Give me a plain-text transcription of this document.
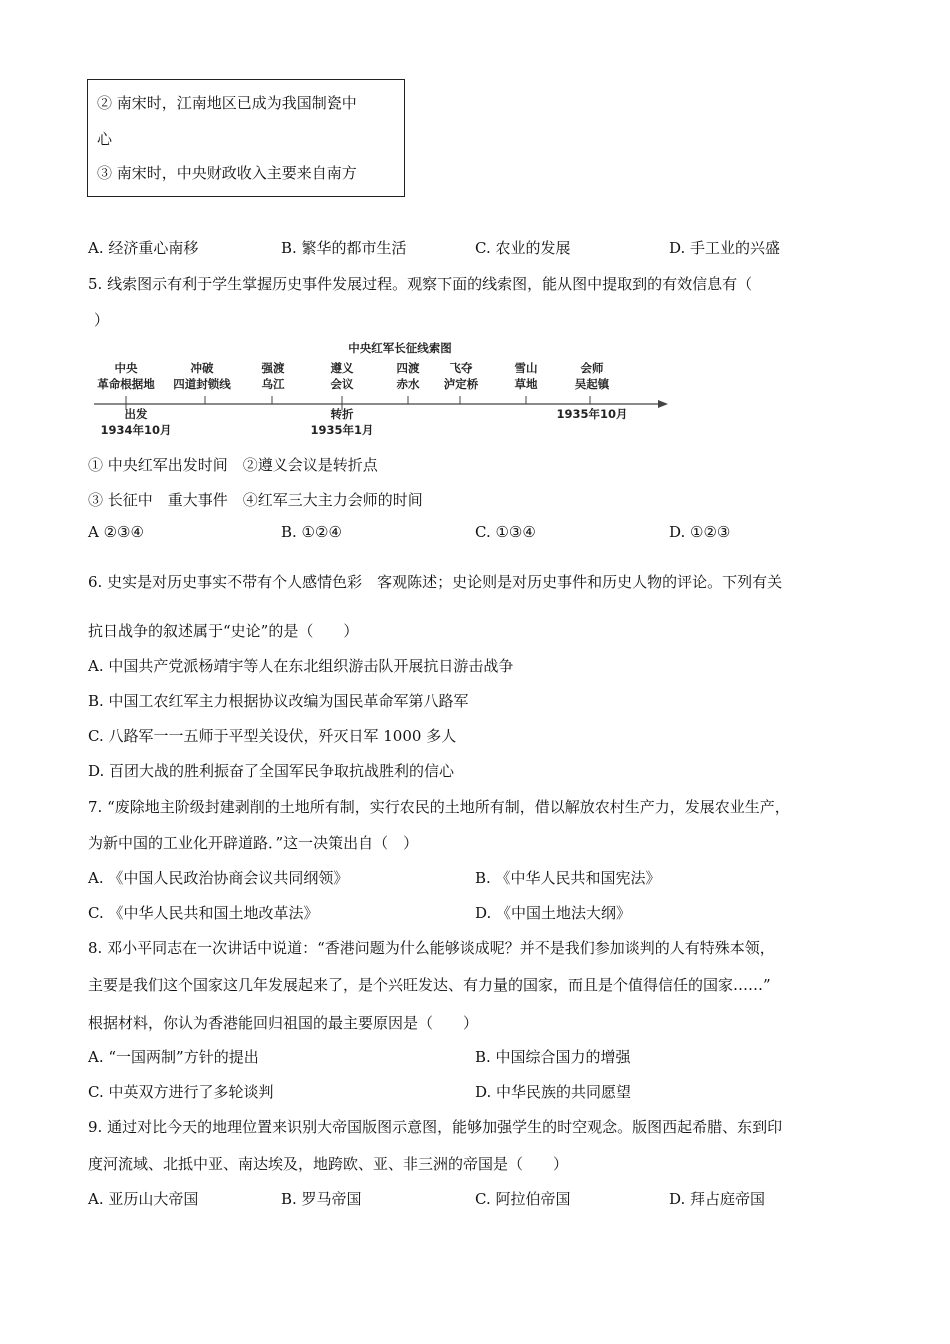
② 南宋时，江南地区已成为我国制瓷中
心
③ 南宋时，中央财政收入主要来自南方
A. 经济重心南移	B. 繁华的都市生活	C. 农业的发展	D. 手工业的兴盛
5. 线索图示有利于学生掌握历史事件发展过程。观察下面的线索图，能从图中提取到的有效信息有（
）
中央红军长征线索图
中央
革命根据地
冲破
四道封锁线
强渡
乌江
遵义
会议
四渡
赤水
飞夺
泸定桥
雪山
草地
会师
吴起镇
出发
1934年10月
转折
1935年1月
1935年10月
① 中央红军出发时间　②遵义会议是转折点
③ 长征中　重大事件　④红军三大主力会师的时间
A ②③④	B. ①②④	C. ①③④	D. ①②③
6. 史实是对历史事实不带有个人感情色彩　客观陈述；史论则是对历史事件和历史人物的评论。下列有关
抗日战争的叙述属于“史论”的是（　　）
A. 中国共产党派杨靖宇等人在东北组织游击队开展抗日游击战争
B. 中国工农红军主力根据协议改编为国民革命军第八路军
C. 八路军一一五师于平型关设伏，歼灭日军 1000 多人
D. 百团大战的胜利振奋了全国军民争取抗战胜利的信心
7. “废除地主阶级封建剥削的土地所有制，实行农民的土地所有制，借以解放农村生产力，发展农业生产，
为新中国的工业化开辟道路．”这一决策出自（　）
A. 《中国人民政治协商会议共同纲领》	B. 《中华人民共和国宪法》
C. 《中华人民共和国土地改革法》	D. 《中国土地法大纲》
8. 邓小平同志在一次讲话中说道：“香港问题为什么能够谈成呢？并不是我们参加谈判的人有特殊本领，
主要是我们这个国家这几年发展起来了，是个兴旺发达、有力量的国家，而且是个值得信任的国家……”
根据材料，你认为香港能回归祖国的最主要原因是（　　）
A. “一国两制”方针的提出	B. 中国综合国力的增强
C. 中英双方进行了多轮谈判	D. 中华民族的共同愿望
9. 通过对比今天的地理位置来识别大帝国版图示意图，能够加强学生的时空观念。版图西起希腊、东到印
度河流域、北抵中亚、南达埃及，地跨欧、亚、非三洲的帝国是（　　）
A. 亚历山大帝国	B. 罗马帝国	C. 阿拉伯帝国	D. 拜占庭帝国
